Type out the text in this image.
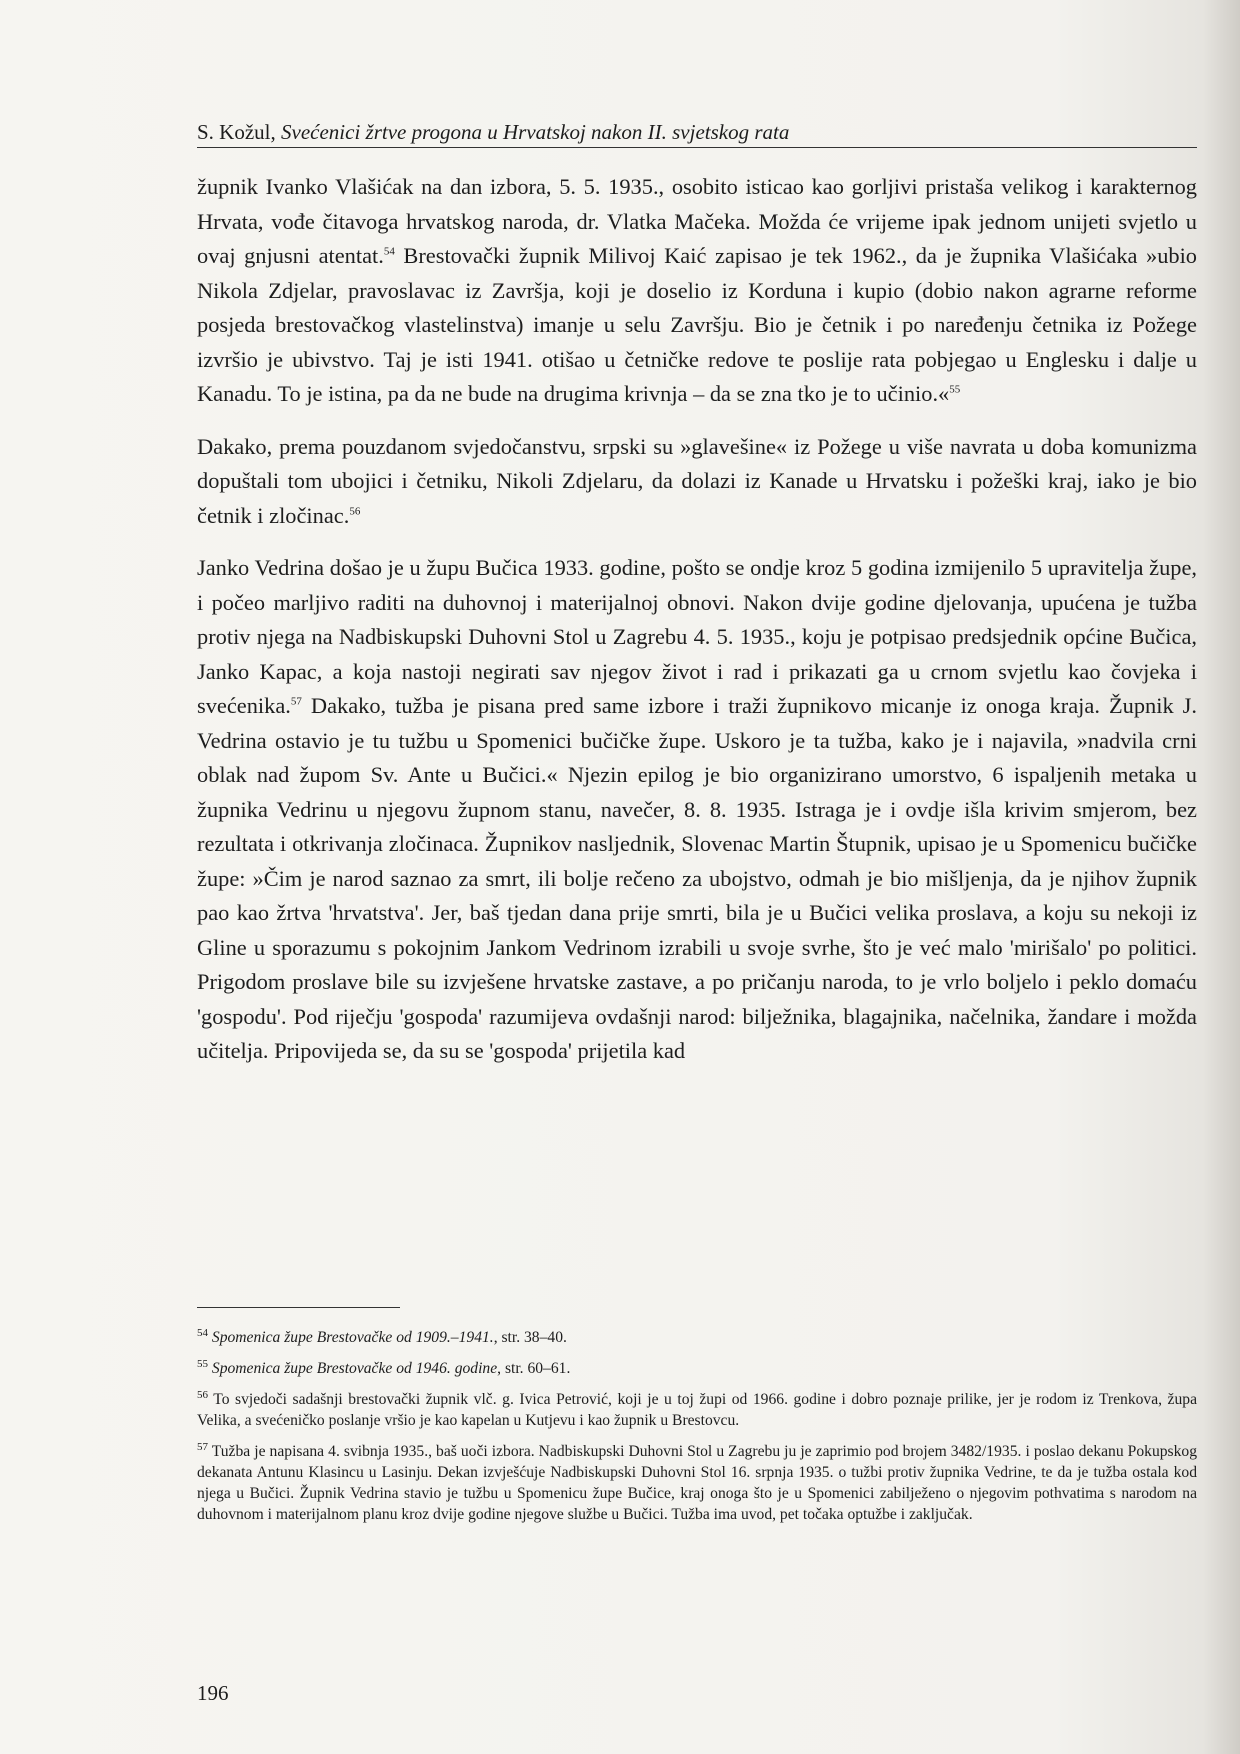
S. Kožul, Svećenici žrtve progona u Hrvatskoj nakon II. svjetskog rata

župnik Ivanko Vlašićak na dan izbora, 5. 5. 1935., osobito isticao kao gorljivi pristaša velikog i karakternog Hrvata, vođe čitavoga hrvatskog naroda, dr. Vlatka Mačeka. Možda će vrijeme ipak jednom unijeti svjetlo u ovaj gnjusni atentat.$^{54}$ Brestovački župnik Milivoj Kaić zapisao je tek 1962., da je župnika Vlašićaka »ubio Nikola Zdjelar, pravoslavac iz Završja, koji je doselio iz Korduna i kupio (dobio nakon agrarne reforme posjeda brestovačkog vlastelinstva) imanje u selu Završju. Bio je četnik i po naređenju četnika iz Požege izvršio je ubivstvo. Taj je isti 1941. otišao u četničke redove te poslije rata pobjegao u Englesku i dalje u Kanadu. To je istina, pa da ne bude na drugima krivnja – da se zna tko je to učinio.«$^{55}$

Dakako, prema pouzdanom svjedočanstvu, srpski su »glavešine« iz Požege u više navrata u doba komunizma dopuštali tom ubojici i četniku, Nikoli Zdjelaru, da dolazi iz Kanade u Hrvatsku i požeški kraj, iako je bio četnik i zločinac.$^{56}$

Janko Vedrina došao je u župu Bučica 1933. godine, pošto se ondje kroz 5 godina izmijenilo 5 upravitelja župe, i počeo marljivo raditi na duhovnoj i materijalnoj obnovi. Nakon dvije godine djelovanja, upućena je tužba protiv njega na Nadbiskupski Duhovni Stol u Zagrebu 4. 5. 1935., koju je potpisao predsjednik općine Bučica, Janko Kapac, a koja nastoji negirati sav njegov život i rad i prikazati ga u crnom svjetlu kao čovjeka i svećenika.$^{57}$ Dakako, tužba je pisana pred same izbore i traži župnikovo micanje iz onoga kraja. Župnik J. Vedrina ostavio je tu tužbu u Spomenici bučičke župe. Uskoro je ta tužba, kako je i najavila, »nadvila crni oblak nad župom Sv. Ante u Bučici.« Njezin epilog je bio organizirano umorstvo, 6 ispaljenih metaka u župnika Vedrinu u njegovu župnom stanu, navečer, 8. 8. 1935. Istraga je i ovdje išla krivim smjerom, bez rezultata i otkrivanja zločinaca. Župnikov nasljednik, Slovenac Martin Štupnik, upisao je u Spomenicu bučičke župe: »Čim je narod saznao za smrt, ili bolje rečeno za ubojstvo, odmah je bio mišljenja, da je njihov župnik pao kao žrtva 'hrvatstva'. Jer, baš tjedan dana prije smrti, bila je u Bučici velika proslava, a koju su nekoji iz Gline u sporazumu s pokojnim Jankom Vedrinom izrabili u svoje svrhe, što je već malo 'mirišalo' po politici. Prigodom proslave bile su izvješene hrvatske zastave, a po pričanju naroda, to je vrlo boljelo i peklo domaću 'gospodu'. Pod riječju 'gospoda' razumijeva ovdašnji narod: bilježnika, blagajnika, načelnika, žandare i možda učitelja. Pripovijeda se, da su se 'gospoda' prijetila kad

$^{54}$ Spomenica župe Brestovačke od 1909.–1941., str. 38–40.

$^{55}$ Spomenica župe Brestovačke od 1946. godine, str. 60–61.

$^{56}$ To svjedoči sadašnji brestovački župnik vlč. g. Ivica Petrović, koji je u toj župi od 1966. godine i dobro poznaje prilike, jer je rodom iz Trenkova, župa Velika, a svećeničko poslanje vršio je kao kapelan u Kutjevu i kao župnik u Brestovcu.

$^{57}$ Tužba je napisana 4. svibnja 1935., baš uoči izbora. Nadbiskupski Duhovni Stol u Zagrebu ju je zaprimio pod brojem 3482/1935. i poslao dekanu Pokupskog dekanata Antunu Klasincu u Lasinju. Dekan izvješćuje Nadbiskupski Duhovni Stol 16. srpnja 1935. o tužbi protiv župnika Vedrine, te da je tužba ostala kod njega u Bučici. Župnik Vedrina stavio je tužbu u Spomenicu župe Bučice, kraj onoga što je u Spomenici zabilježeno o njegovim pothvatima s narodom na duhovnom i materijalnom planu kroz dvije godine njegove službe u Bučici. Tužba ima uvod, pet točaka optužbe i zaključak.

196
